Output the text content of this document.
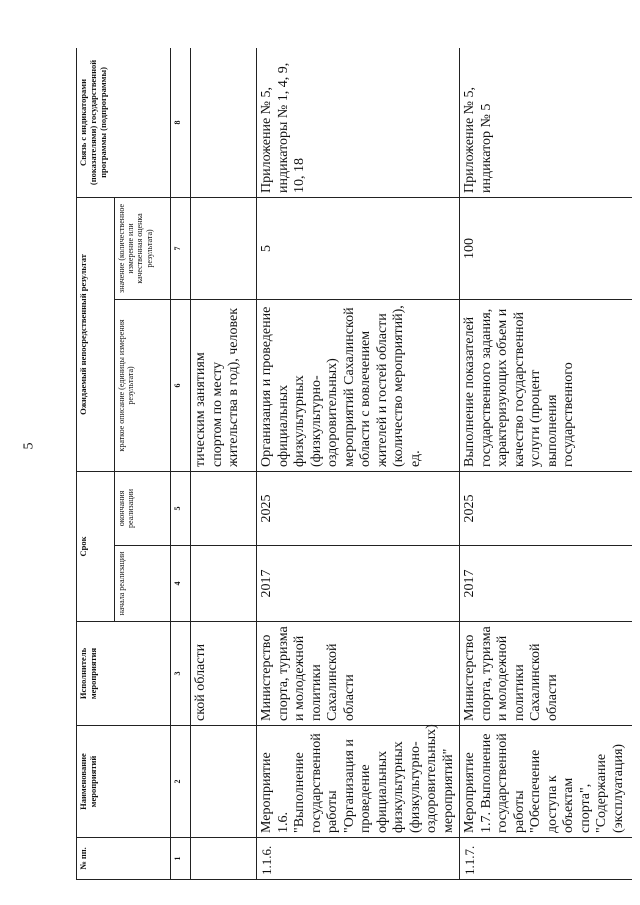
5
№ пп.	Наименование мероприятий	Исполнитель мероприятия	Срок		Ожидаемый непосредственный результат		Связь с индикаторами (показателями) государственной программы (подпрограммы)
			начала реализации	окончания реализации	краткое описание (единицы измерения результата)	значение (количественное измерение или качественная оценка результата)	
1	2	3	4	5	6	7	8
		ской области			тическим занятиям спортом по месту жительства в год), человек		
1.1.6.	Мероприятие 1.6. "Выполнение государственной работы "Организация и проведение официальных физкультурных (физкультурно-оздоровительных) мероприятий"	Министерство спорта, туризма и молодежной политики Сахалинской области	2017	2025	Организация и проведение официальных физкультурных (физкультурно-оздоровительных) мероприятий Сахалинской области с вовлечением жителей и гостей области (количество мероприятий), ед.	5	Приложение № 5, индикаторы № 1, 4, 9, 10, 18
1.1.7.	Мероприятие 1.7. Выполнение государственной работы "Обеспечение доступа к объектам спорта", "Содержание (эксплуатация)	Министерство спорта, туризма и молодежной политики Сахалинской области	2017	2025	Выполнение показателей государственного задания, характеризующих объем и качество государственной услуги (процент выполнения государственного	100	Приложение № 5, индикатор № 5
